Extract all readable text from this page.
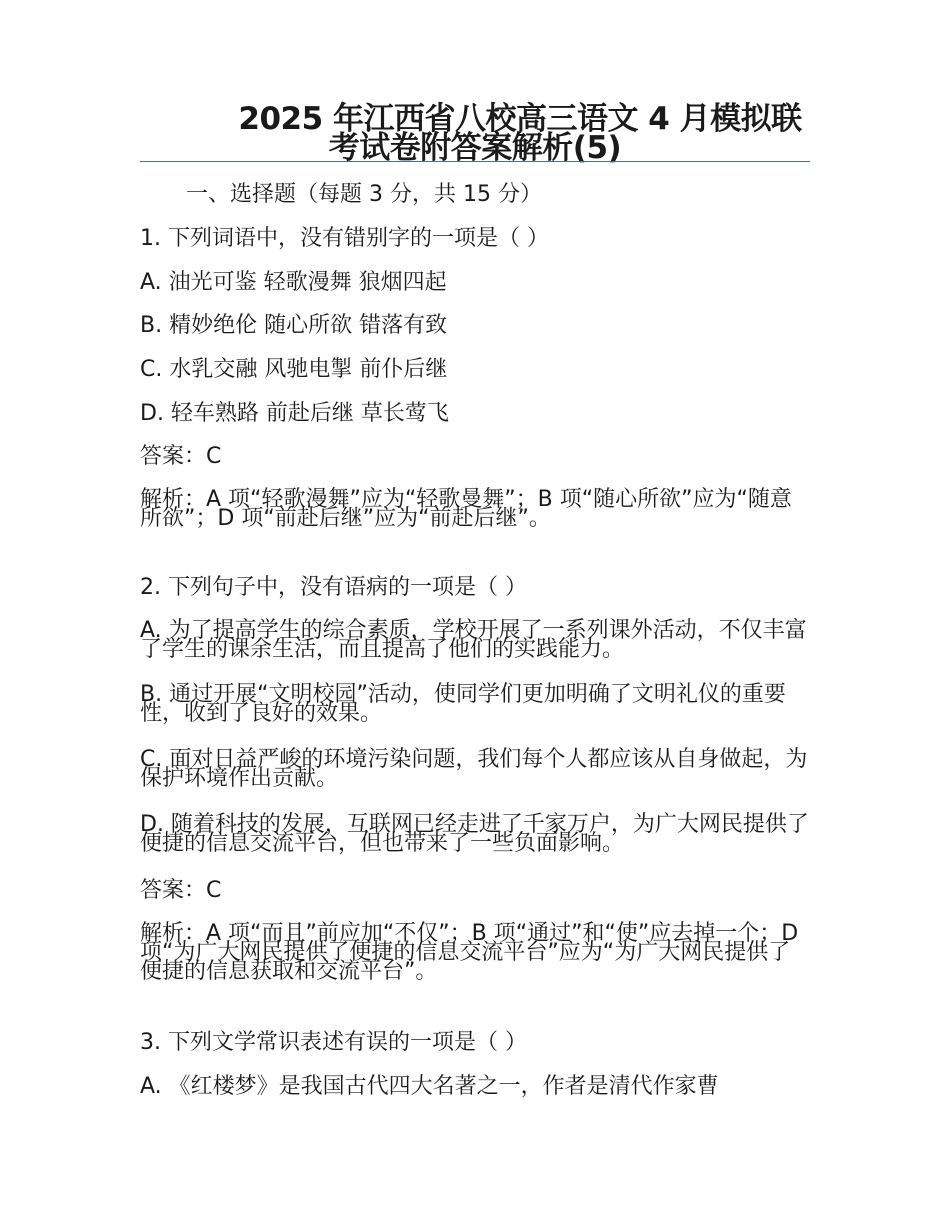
2025 年江西省八校高三语文 4 月模拟联
考试卷附答案解析(5)
一、选择题（每题 3 分，共 15 分）
1. 下列词语中，没有错别字的一项是（ ）
A. 油光可鉴 轻歌漫舞 狼烟四起
B. 精妙绝伦 随心所欲 错落有致
C. 水乳交融 风驰电掣 前仆后继
D. 轻车熟路 前赴后继 草长莺飞
答案：C
解析：A 项“轻歌漫舞”应为“轻歌曼舞”；B 项“随心所欲”应为“随意所欲”；D 项“前赴后继”应为“前赴后继”。
2. 下列句子中，没有语病的一项是（ ）
A. 为了提高学生的综合素质，学校开展了一系列课外活动，不仅丰富了学生的课余生活，而且提高了他们的实践能力。
B. 通过开展“文明校园”活动，使同学们更加明确了文明礼仪的重要性，收到了良好的效果。
C. 面对日益严峻的环境污染问题，我们每个人都应该从自身做起，为保护环境作出贡献。
D. 随着科技的发展，互联网已经走进了千家万户，为广大网民提供了便捷的信息交流平台，但也带来了一些负面影响。
答案：C
解析：A 项“而且”前应加“不仅”；B 项“通过”和“使”应去掉一个；D 项“为广大网民提供了便捷的信息交流平台”应为“为广大网民提供了便捷的信息获取和交流平台”。
3. 下列文学常识表述有误的一项是（ ）
A. 《红楼梦》是我国古代四大名著之一，作者是清代作家曹
